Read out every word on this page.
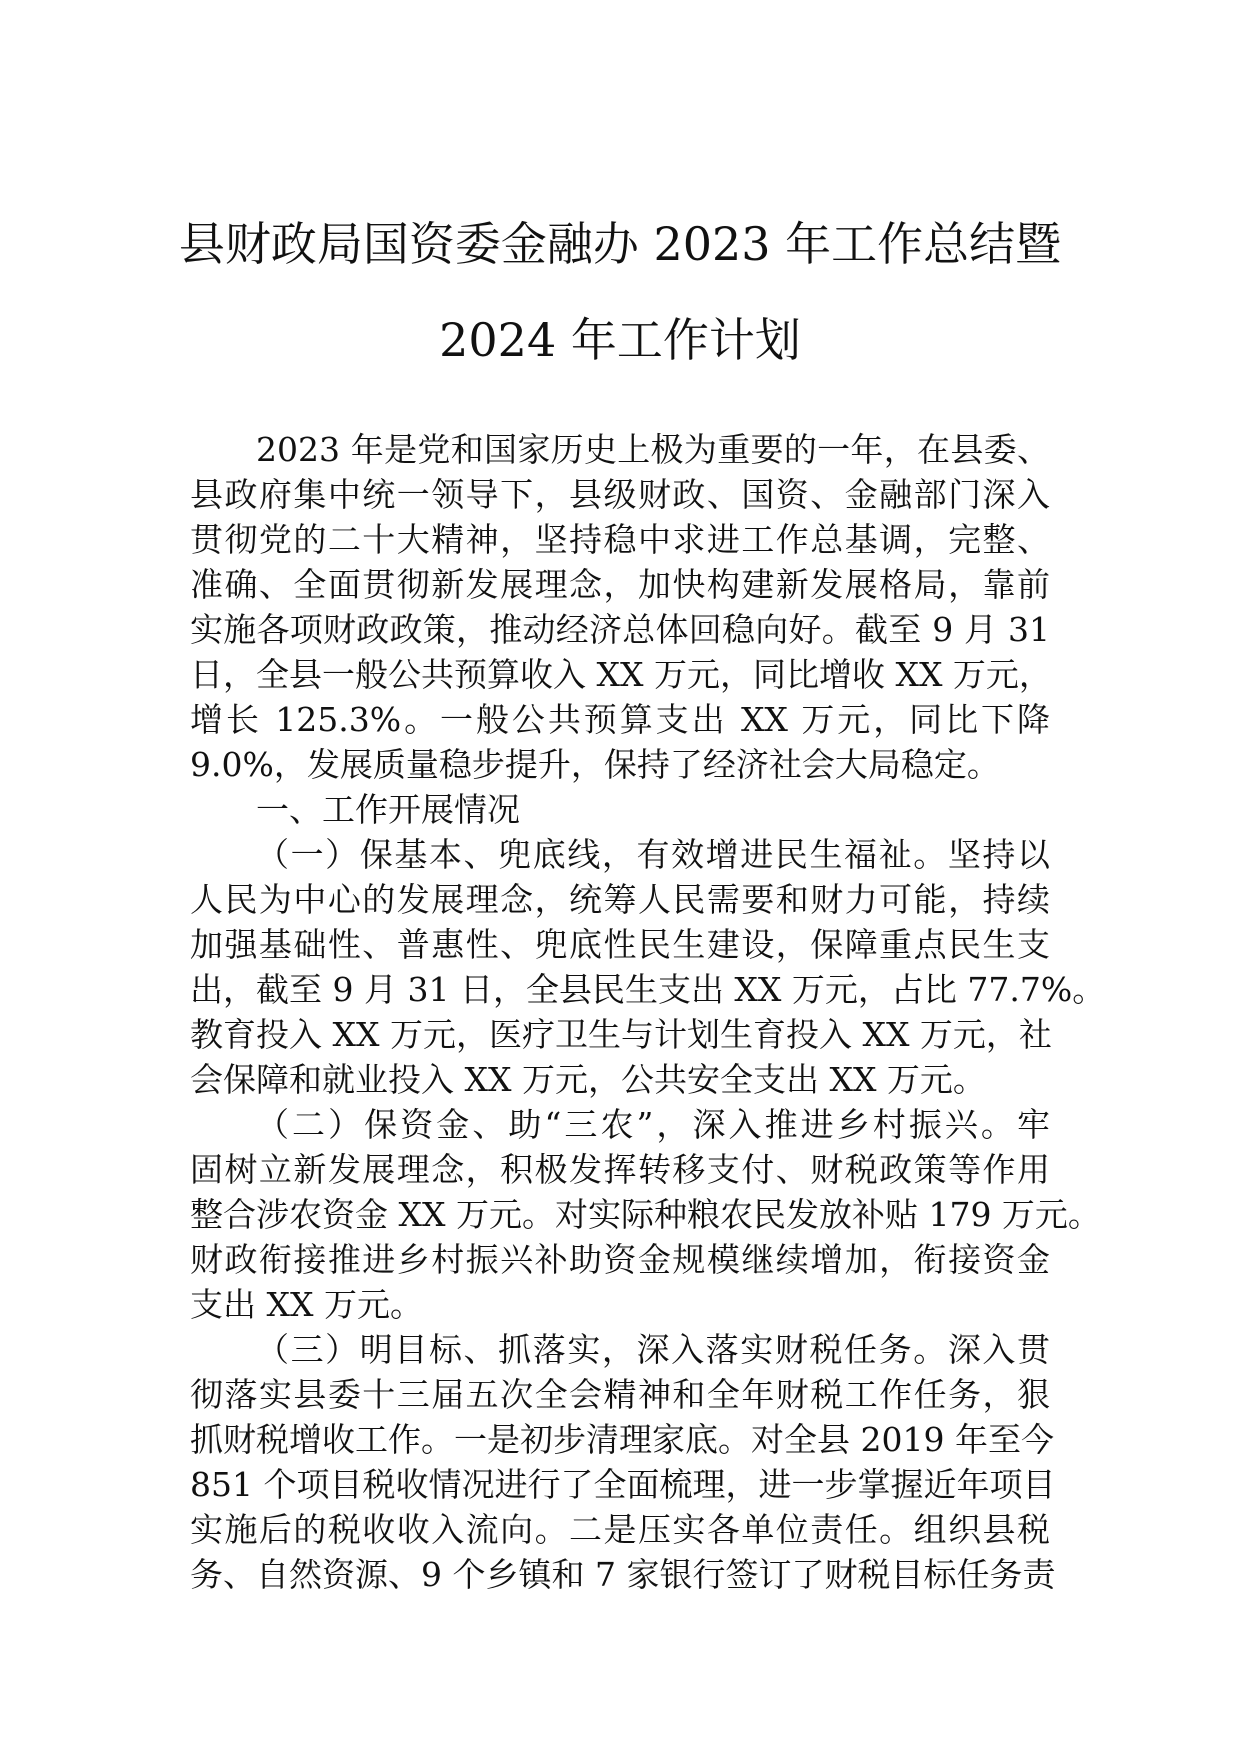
县财政局国资委金融办 2023 年工作总结暨
2024 年工作计划
2023 年是党和国家历史上极为重要的一年，在县委、
县政府集中统一领导下，县级财政、国资、金融部门深入
贯彻党的二十大精神，坚持稳中求进工作总基调，完整、
准确、全面贯彻新发展理念，加快构建新发展格局，靠前
实施各项财政政策，推动经济总体回稳向好。截至 9 月 31
日，全县一般公共预算收入 XX 万元，同比增收 XX 万元，
增长 125.3%。一般公共预算支出 XX 万元，同比下降
9.0%，发展质量稳步提升，保持了经济社会大局稳定。
一、工作开展情况
（一）保基本、兜底线，有效增进民生福祉。坚持以
人民为中心的发展理念，统筹人民需要和财力可能，持续
加强基础性、普惠性、兜底性民生建设，保障重点民生支
出，截至 9 月 31 日，全县民生支出 XX 万元，占比 77.7%。
教育投入 XX 万元，医疗卫生与计划生育投入 XX 万元，社
会保障和就业投入 XX 万元，公共安全支出 XX 万元。
（二）保资金、助“三农”，深入推进乡村振兴。牢
固树立新发展理念，积极发挥转移支付、财税政策等作用
整合涉农资金 XX 万元。对实际种粮农民发放补贴 179 万元。
财政衔接推进乡村振兴补助资金规模继续增加，衔接资金
支出 XX 万元。
（三）明目标、抓落实，深入落实财税任务。深入贯
彻落实县委十三届五次全会精神和全年财税工作任务，狠
抓财税增收工作。一是初步清理家底。对全县 2019 年至今
851 个项目税收情况进行了全面梳理，进一步掌握近年项目
实施后的税收收入流向。二是压实各单位责任。组织县税
务、自然资源、9 个乡镇和 7 家银行签订了财税目标任务责
